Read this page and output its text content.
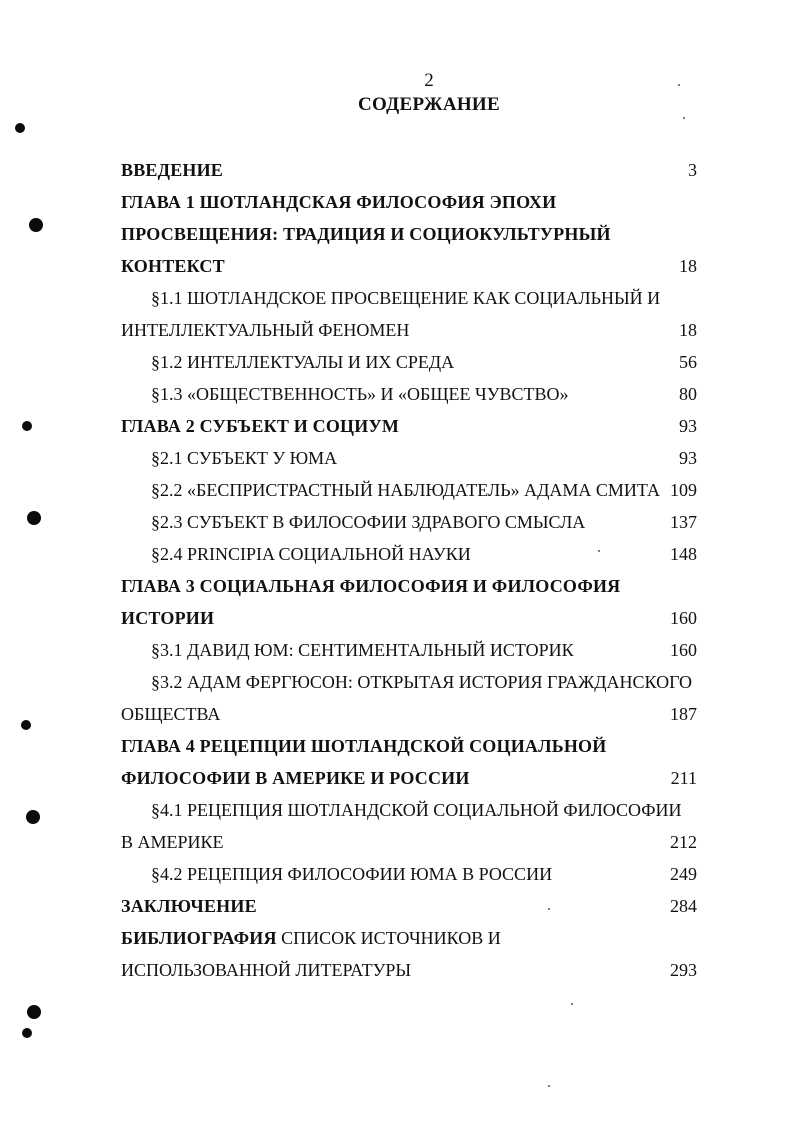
2
СОДЕРЖАНИЕ
ВВЕДЕНИЕ	3
ГЛАВА 1 ШОТЛАНДСКАЯ ФИЛОСОФИЯ ЭПОХИ
ПРОСВЕЩЕНИЯ: ТРАДИЦИЯ И СОЦИОКУЛЬТУРНЫЙ
КОНТЕКСТ	18
§1.1 ШОТЛАНДСКОЕ ПРОСВЕЩЕНИЕ КАК СОЦИАЛЬНЫЙ И
ИНТЕЛЛЕКТУАЛЬНЫЙ ФЕНОМЕН	18
§1.2 ИНТЕЛЛЕКТУАЛЫ И ИХ СРЕДА	56
§1.3 «ОБЩЕСТВЕННОСТЬ» И «ОБЩЕЕ ЧУВСТВО»	80
ГЛАВА 2 СУБЪЕКТ И СОЦИУМ	93
§2.1 СУБЪЕКТ У ЮМА	93
§2.2 «БЕСПРИСТРАСТНЫЙ НАБЛЮДАТЕЛЬ» АДАМА СМИТА 109
§2.3 СУБЪЕКТ В ФИЛОСОФИИ ЗДРАВОГО СМЫСЛА	137
§2.4 PRINCIPIA СОЦИАЛЬНОЙ НАУКИ	148
ГЛАВА 3 СОЦИАЛЬНАЯ ФИЛОСОФИЯ И ФИЛОСОФИЯ
ИСТОРИИ	160
§3.1 ДАВИД ЮМ: СЕНТИМЕНТАЛЬНЫЙ ИСТОРИК	160
§3.2 АДАМ ФЕРГЮСОН: ОТКРЫТАЯ ИСТОРИЯ ГРАЖДАНСКОГО
ОБЩЕСТВА	187
ГЛАВА 4 РЕЦЕПЦИИ ШОТЛАНДСКОЙ СОЦИАЛЬНОЙ
ФИЛОСОФИИ В АМЕРИКЕ И РОССИИ	211
§4.1 РЕЦЕПЦИЯ ШОТЛАНДСКОЙ СОЦИАЛЬНОЙ ФИЛОСОФИИ
В АМЕРИКЕ	212
§4.2 РЕЦЕПЦИЯ ФИЛОСОФИИ ЮМА В РОССИИ	249
ЗАКЛЮЧЕНИЕ	284
БИБЛИОГРАФИЯ СПИСОК ИСТОЧНИКОВ И
ИСПОЛЬЗОВАННОЙ ЛИТЕРАТУРЫ	293
